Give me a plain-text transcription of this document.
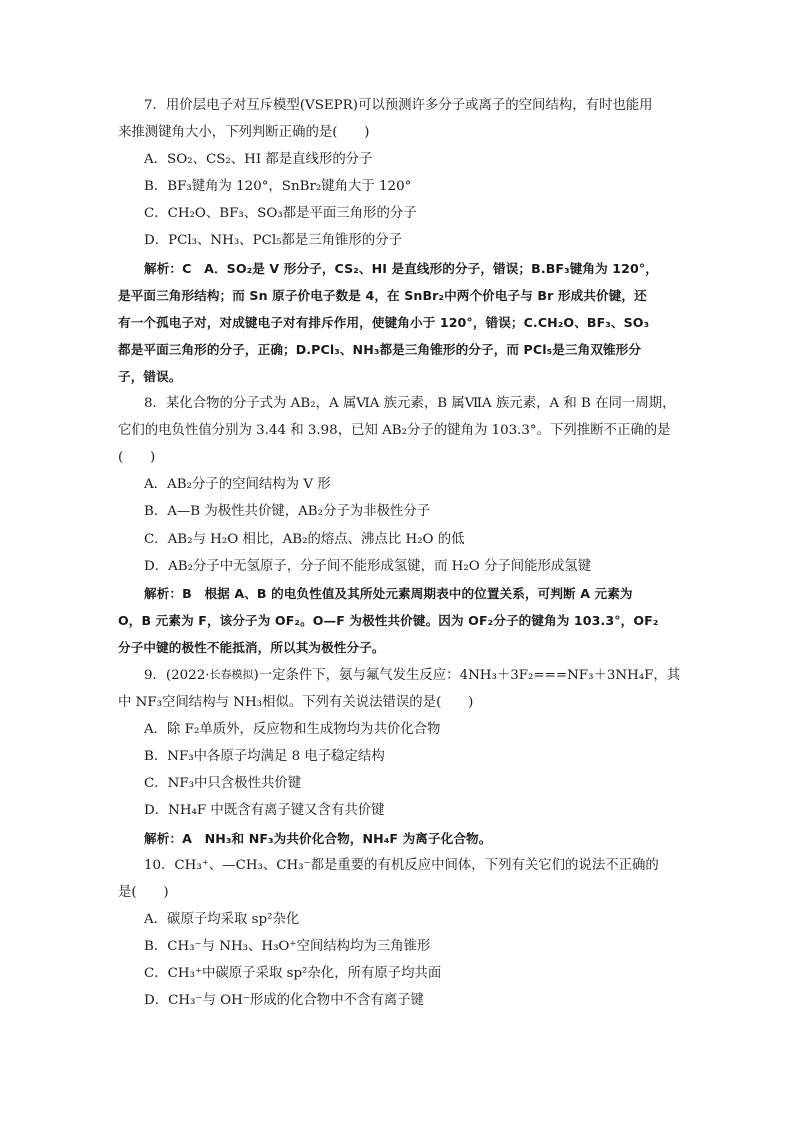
7．用价层电子对互斥模型(VSEPR)可以预测许多分子或离子的空间结构，有时也能用
来推测键角大小，下列判断正确的是(　　)
A．SO₂、CS₂、HI 都是直线形的分子
B．BF₃键角为 120°，SnBr₂键角大于 120°
C．CH₂O、BF₃、SO₃都是平面三角形的分子
D．PCl₃、NH₃、PCl₅都是三角锥形的分子
解析：C　A．SO₂是 V 形分子，CS₂、HI 是直线形的分子，错误；B.BF₃键角为 120°，
是平面三角形结构；而 Sn 原子价电子数是 4，在 SnBr₂中两个价电子与 Br 形成共价键，还
有一个孤电子对，对成键电子对有排斥作用，使键角小于 120°，错误；C.CH₂O、BF₃、SO₃
都是平面三角形的分子，正确；D.PCl₃、NH₃都是三角锥形的分子，而 PCl₅是三角双锥形分
子，错误。
8．某化合物的分子式为 AB₂，A 属ⅥA 族元素，B 属ⅦA 族元素，A 和 B 在同一周期，
它们的电负性值分别为 3.44 和 3.98，已知 AB₂分子的键角为 103.3°。下列推断不正确的是
(　　)
A．AB₂分子的空间结构为 V 形
B．A—B 为极性共价键，AB₂分子为非极性分子
C．AB₂与 H₂O 相比，AB₂的熔点、沸点比 H₂O 的低
D．AB₂分子中无氢原子，分子间不能形成氢键，而 H₂O 分子间能形成氢键
解析：B　根据 A、B 的电负性值及其所处元素周期表中的位置关系，可判断 A 元素为
O，B 元素为 F，该分子为 OF₂。O—F 为极性共价键。因为 OF₂分子的键角为 103.3°，OF₂
分子中键的极性不能抵消，所以其为极性分子。
9．(2022·长春模拟)一定条件下，氨与氟气发生反应：4NH₃＋3F₂===NF₃＋3NH₄F，其
中 NF₃空间结构与 NH₃相似。下列有关说法错误的是(　　)
A．除 F₂单质外，反应物和生成物均为共价化合物
B．NF₃中各原子均满足 8 电子稳定结构
C．NF₃中只含极性共价键
D．NH₄F 中既含有离子键又含有共价键
解析：A　NH₃和 NF₃为共价化合物，NH₄F 为离子化合物。
10．CH₃⁺、—CH₃、CH₃⁻都是重要的有机反应中间体，下列有关它们的说法不正确的
是(　　)
A．碳原子均采取 sp²杂化
B．CH₃⁻与 NH₃、H₃O⁺空间结构均为三角锥形
C．CH₃⁺中碳原子采取 sp²杂化，所有原子均共面
D．CH₃⁻与 OH⁻形成的化合物中不含有离子键
